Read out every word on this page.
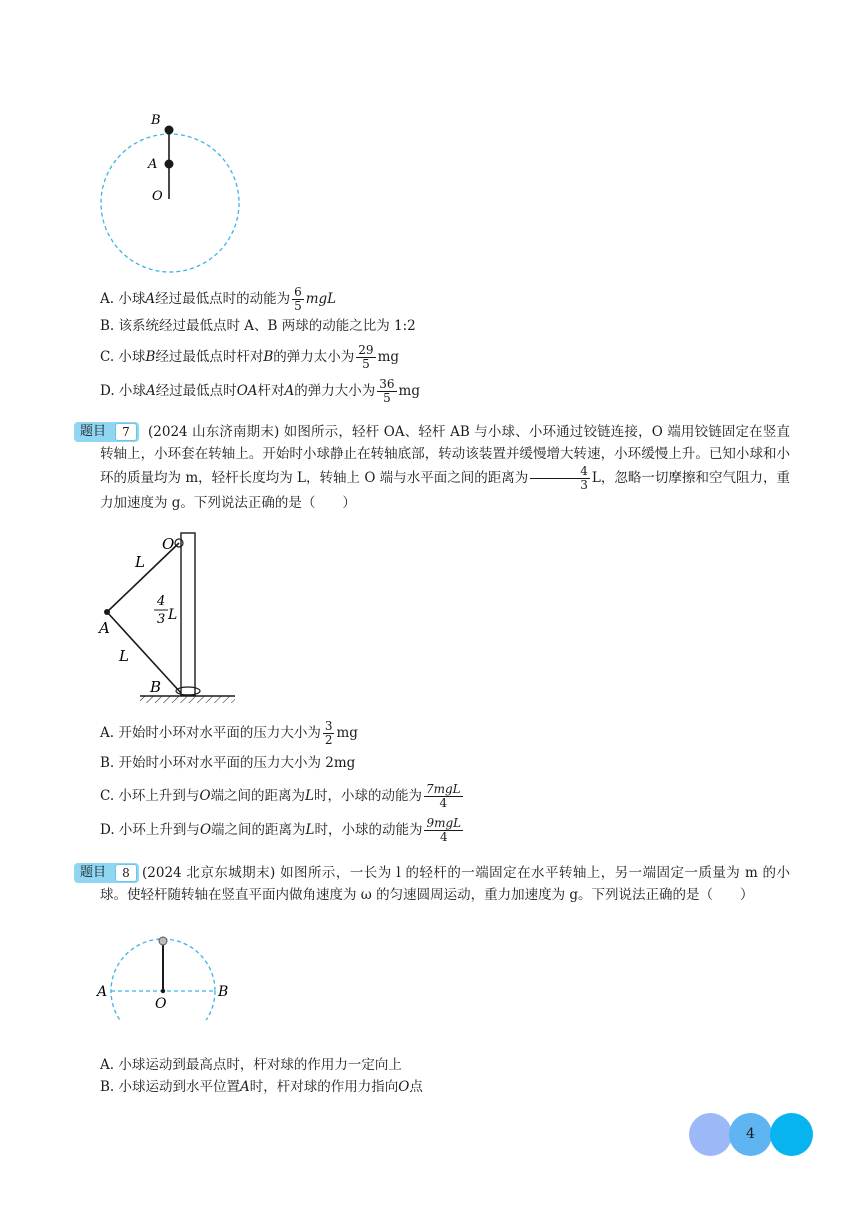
B
A
O
A. 小球A经过最低点时的动能为 $\frac{6}{5}$ mgL
B. 该系统经过最低点时 A、B 两球的动能之比为 1:2
C. 小球B经过最低点时杆对B的弹力太小为 $\frac{29}{5}$ mg
D. 小球A经过最低点时OA杆对A的弹力大小为 $\frac{36}{5}$ mg
题目	7	(2024 山东济南期末) 如图所示，轻杆 OA、轻杆 AB 与小球、小环通过铰链连接，O 端用铰链固定在竖直转轴上，小环套在转轴上。开始时小球静止在转轴底部，转动该装置并缓慢增大转速，小环缓慢上升。已知小球和小环的质量均为 m，轻杆长度均为 L，转轴上 O 端与水平面之间的距离为 $\frac{4}{3}$ L，忽略一切摩擦和空气阻力，重力加速度为 g。下列说法正确的是（　　）
O
L
A
L
B
4
3 L
A. 开始时小环对水平面的压力大小为 $\frac{3}{2}$ mg
B. 开始时小环对水平面的压力大小为 2mg
C. 小环上升到与O端之间的距离为L时，小球的动能为 $\frac{\text{7mgL}}{4}$
D. 小环上升到与O端之间的距离为L时，小球的动能为 $\frac{\text{9mgL}}{4}$
题目	8 (2024 北京东城期末) 如图所示，一长为 l 的轻杆的一端固定在水平转轴上，另一端固定一质量为 m 的小球。使轻杆随转轴在竖直平面内做角速度为 ω 的匀速圆周运动，重力加速度为 g。下列说法正确的是（　　）
A
O
B
A. 小球运动到最高点时，杆对球的作用力一定向上
B. 小球运动到水平位置A时，杆对球的作用力指向O点
4
